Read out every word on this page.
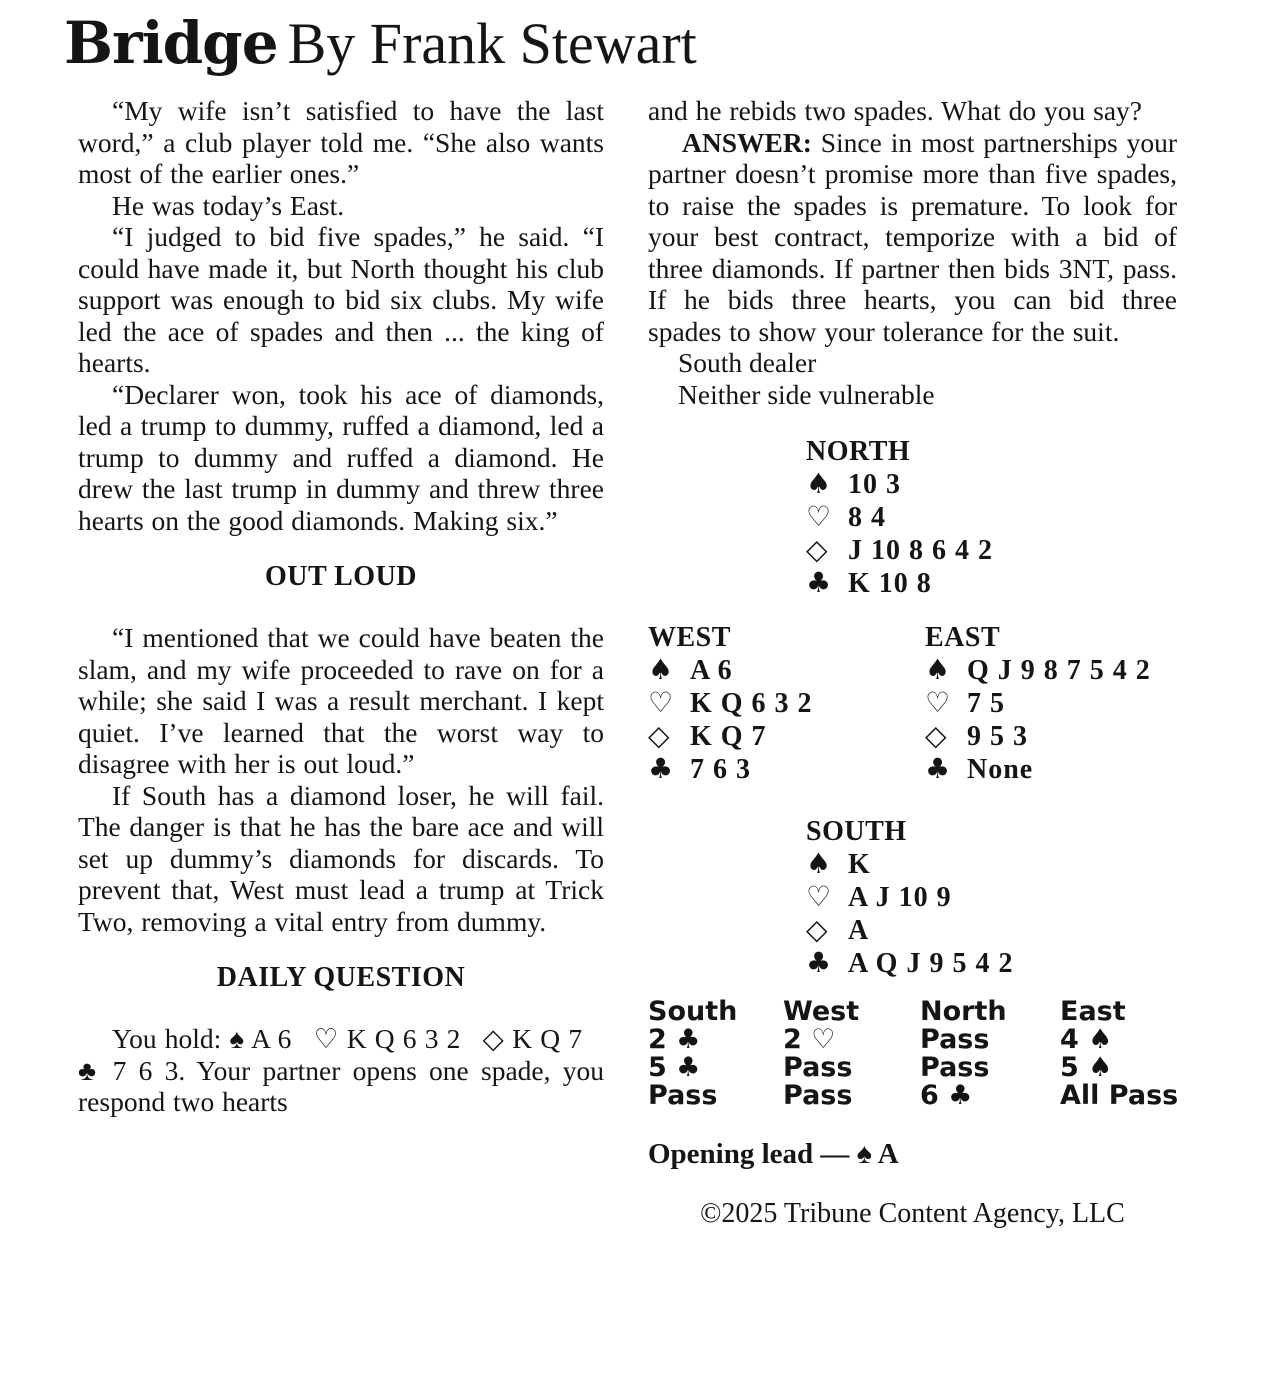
Bridge By Frank Stewart

“My wife isn’t satisfied to have the last word,” a club player told me. “She also wants most of the earlier ones.”

He was today’s East.

“I judged to bid five spades,” he said. “I could have made it, but North thought his club support was enough to bid six clubs. My wife led the ace of spades and then ... the king of hearts.

“Declarer won, took his ace of diamonds, led a trump to dummy, ruffed a diamond, led a trump to dummy and ruffed a diamond. He drew the last trump in dummy and threw three hearts on the good diamonds. Making six.”

OUT LOUD

“I mentioned that we could have beaten the slam, and my wife proceeded to rave on for a while; she said I was a result merchant. I kept quiet. I’ve learned that the worst way to disagree with her is out loud.”

If South has a diamond loser, he will fail. The danger is that he has the bare ace and will set up dummy’s diamonds for discards. To prevent that, West must lead a trump at Trick Two, removing a vital entry from dummy.

DAILY QUESTION

You hold: ♠ A 6  ♡ K Q 6 3 2  ◇ K Q 7  ♣ 7 6 3. Your partner opens one spade, you respond two hearts

and he rebids two spades. What do you say?

ANSWER: Since in most partnerships your partner doesn’t promise more than five spades, to raise the spades is premature. To look for your best contract, temporize with a bid of three diamonds. If partner then bids 3NT, pass. If he bids three hearts, you can bid three spades to show your tolerance for the suit.

South dealer

Neither side vulnerable

NORTH
♠ 10 3
♡ 8 4
◇ J 10 8 6 4 2
♣ K 10 8
WEST
♠ A 6
♡ K Q 6 3 2
◇ K Q 7
♣ 7 6 3
EAST
♠ Q J 9 8 7 5 4 2
♡ 7 5
◇ 9 5 3
♣ None
SOUTH
♠ K
♡ A J 10 9
◇ A
♣ A Q J 9 5 4 2
South	West	North	East
2 ♣	2 ♡	Pass	4 ♠
5 ♣	Pass	Pass	5 ♠
Pass	Pass	6 ♣	All Pass
Opening lead — ♠ A
©2025 Tribune Content Agency, LLC
